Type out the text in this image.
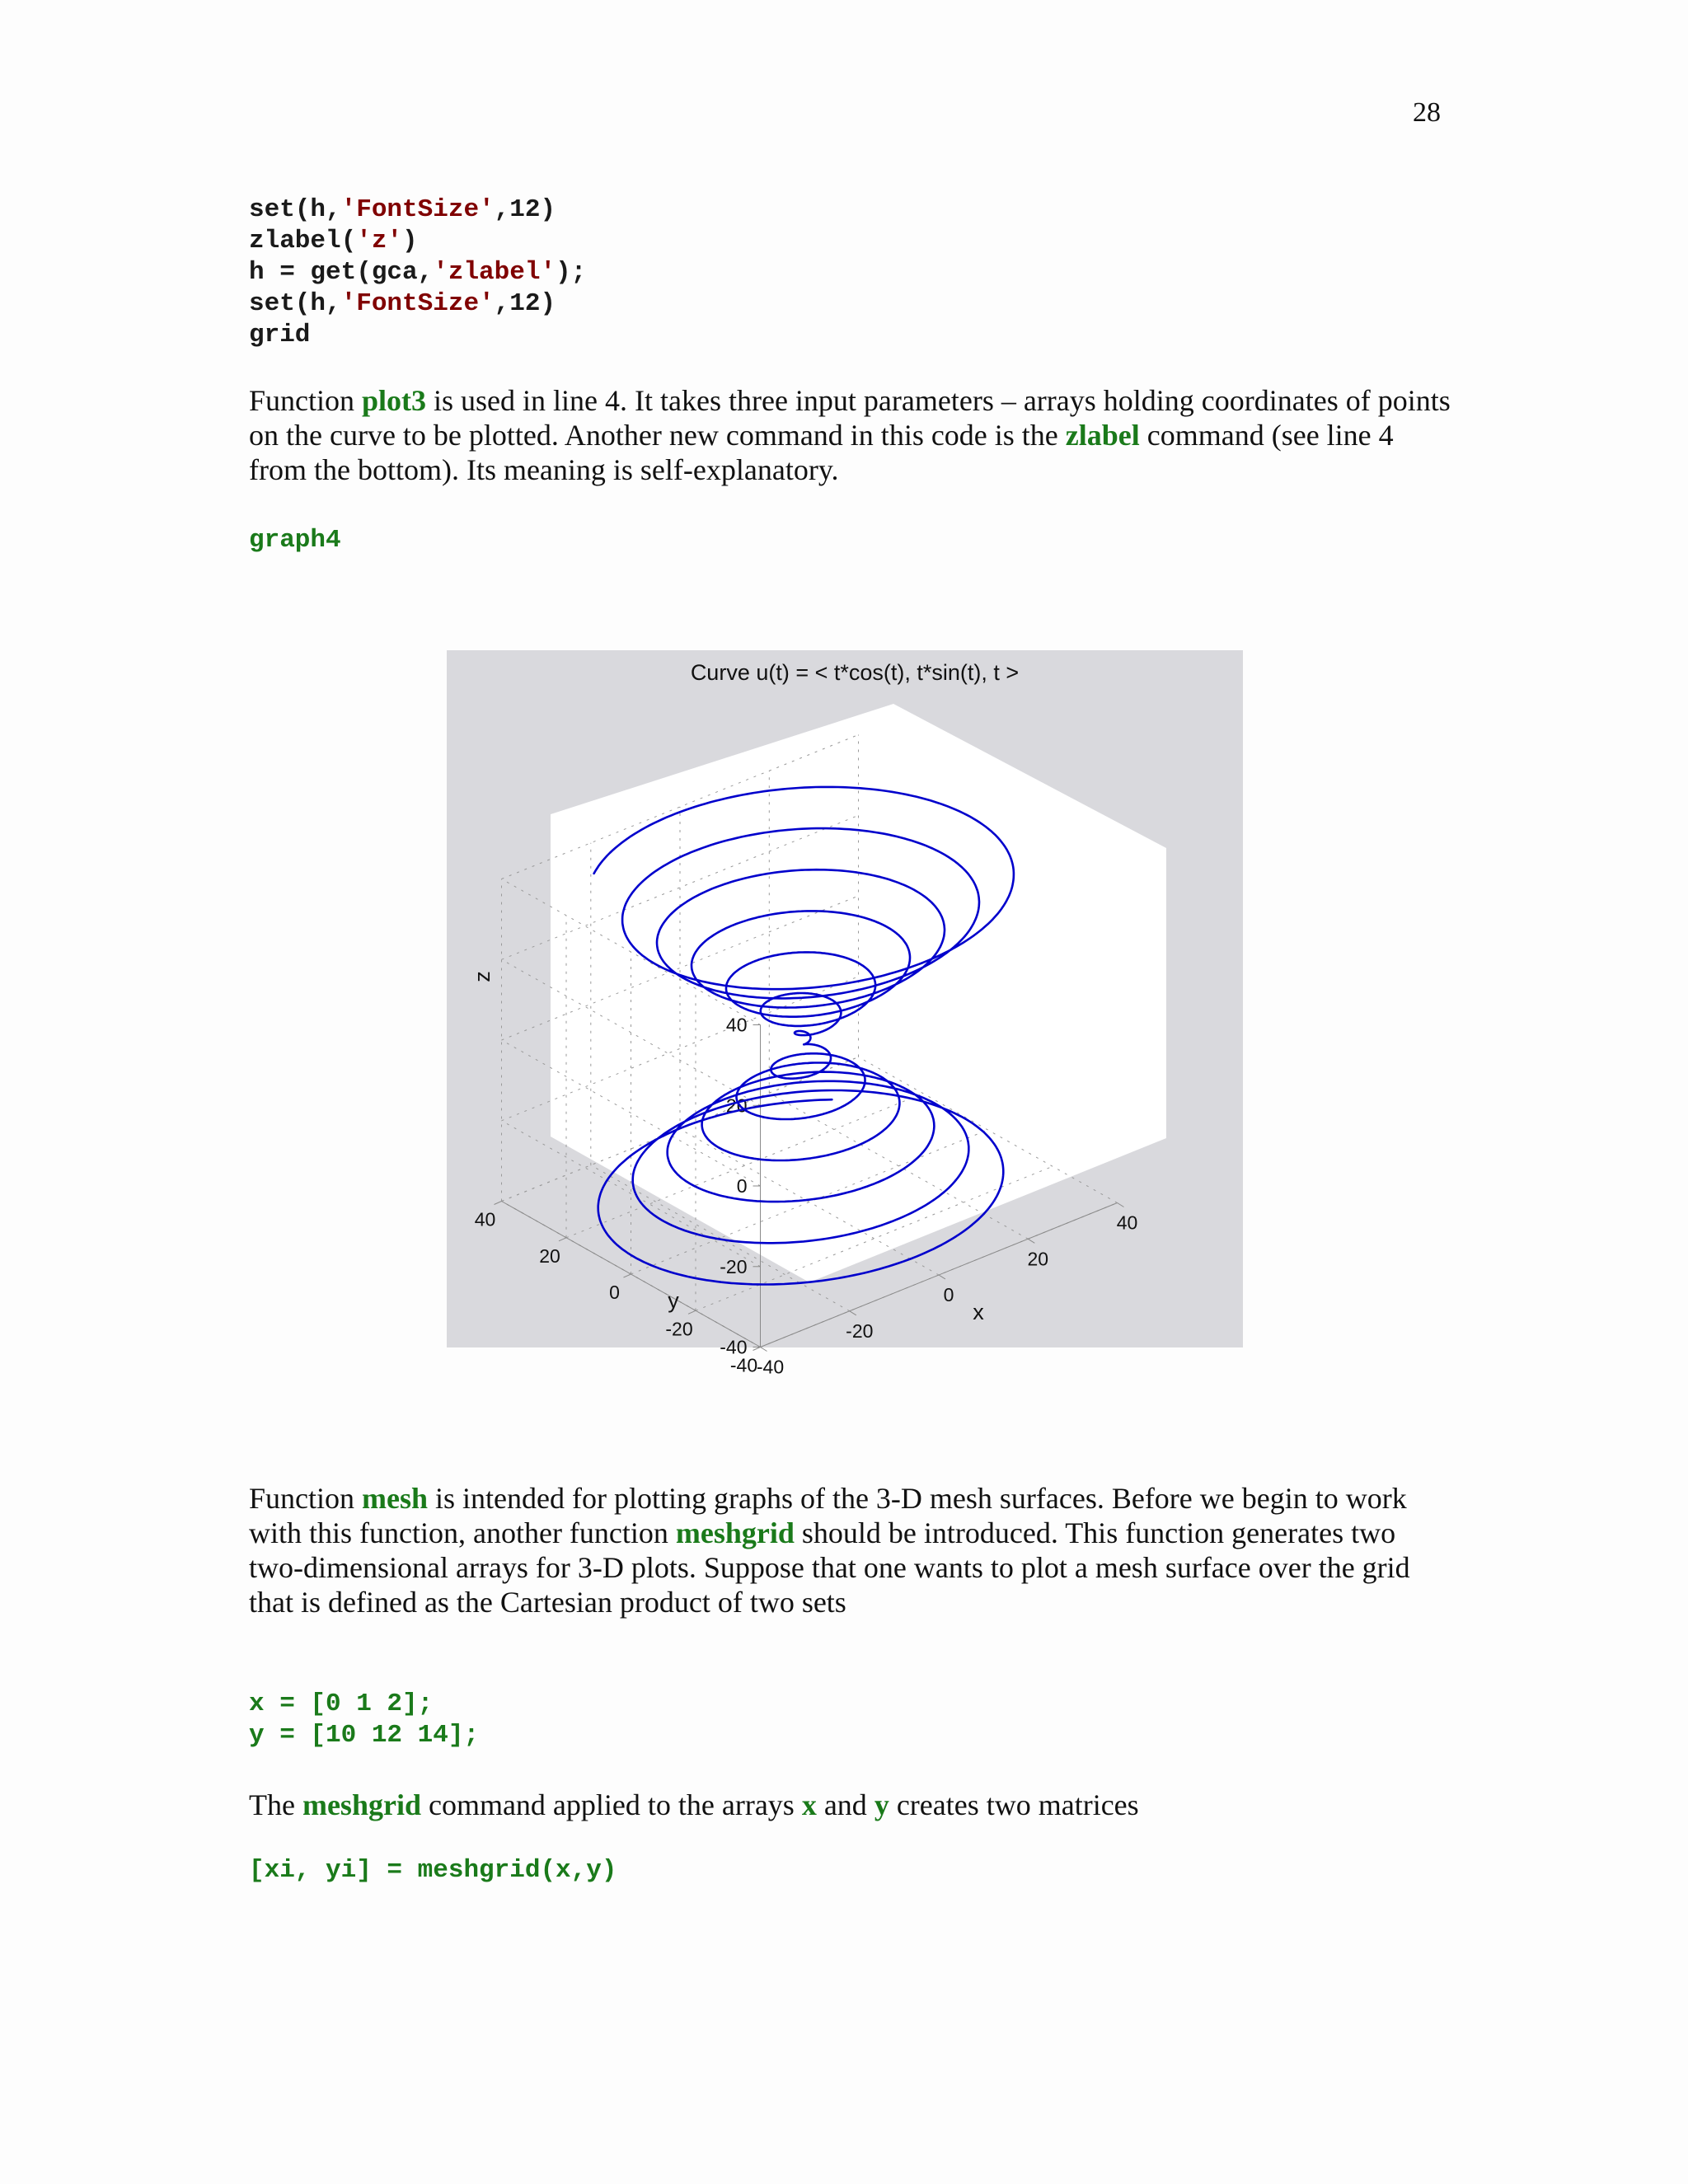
28
set(h,'FontSize',12)
zlabel('z')
h = get(gca,'zlabel');
set(h,'FontSize',12)
grid

Function plot3 is used in line 4. It takes three input parameters – arrays holding coordinates of points on the curve to be plotted. Another new command in this code is the zlabel command (see line 4 from the bottom). Its meaning is self-explanatory.

graph4
-40
-20
0
20
40
-40
-20
0
20
40
-40
-20
0
20
40
Curve u(t) = < t*cos(t), t*sin(t), t >
x
y
z

Function mesh is intended for plotting graphs of the 3-D mesh surfaces. Before we begin to work with this function, another function meshgrid should be introduced. This function generates two two-dimensional arrays for 3-D plots. Suppose that one wants to plot a mesh surface over the grid that is defined as the Cartesian product of two sets

x = [0 1 2];
y = [10 12 14];

The meshgrid command applied to the arrays x and y creates two matrices

[xi, yi] = meshgrid(x,y)
